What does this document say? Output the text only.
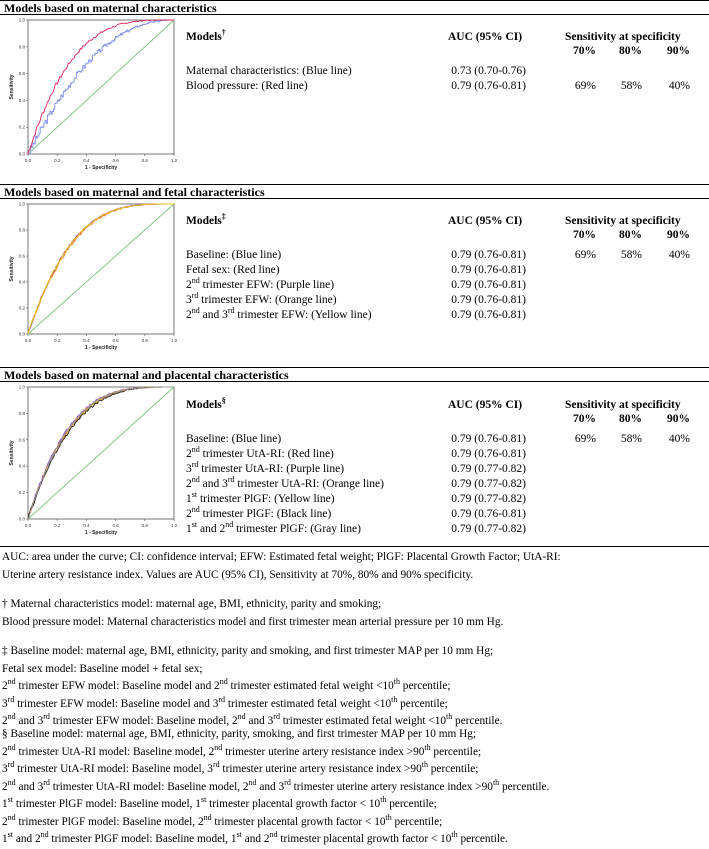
Models based on maternal characteristics
0.0
0.0
0.2
0.2
0.4
0.4
0.6
0.6
0.8
0.8
1.0
1.0
1 - Specificity
Sensitivity
Models†	AUC (95% CI)	Sensitivity at specificity
70%	80%	90%
Maternal characteristics: (Blue line)	0.73 (0.70-0.76)
Blood pressure: (Red line)	0.79 (0.76-0.81)	69%	58%	40%
Models based on maternal and fetal characteristics
0.0
0.0
0.2
0.2
0.4
0.4
0.6
0.6
0.8
0.8
1.0
1.0
1 - Specificity
Sensitivity
Models‡	AUC (95% CI)	Sensitivity at specificity
70%	80%	90%
Baseline: (Blue line)	0.79 (0.76-0.81)	69%	58%	40%
Fetal sex: (Red line)	0.79 (0.76-0.81)
2nd trimester EFW: (Purple line)	0.79 (0.76-0.81)
3rd trimester EFW: (Orange line)	0.79 (0.76-0.81)
2nd and 3rd trimester EFW: (Yellow line)	0.79 (0.76-0.81)
Models based on maternal and placental characteristics
0.0
0.0
0.2
0.2
0.4
0.4
0.6
0.6
0.8
0.8
1.0
1.0
1 - Specificity
Sensitivity
Models§	AUC (95% CI)	Sensitivity at specificity
70%	80%	90%
Baseline: (Blue line)	0.79 (0.76-0.81)	69%	58%	40%
2nd trimester UtA-RI: (Red line)	0.79 (0.76-0.81)
3rd trimester UtA-RI: (Purple line)	0.79 (0.77-0.82)
2nd and 3rd trimester UtA-RI: (Orange line)	0.79 (0.77-0.82)
1st trimester PlGF: (Yellow line)	0.79 (0.77-0.82)
2nd trimester PlGF: (Black line)	0.79 (0.76-0.81)
1st and 2nd trimester PlGF: (Gray line)	0.79 (0.77-0.82)

AUC: area under the curve; CI: confidence interval; EFW: Estimated fetal weight; PlGF: Placental Growth Factor; UtA-RI:

Uterine artery resistance index. Values are AUC (95% CI), Sensitivity at 70%, 80% and 90% specificity.

† Maternal characteristics model: maternal age, BMI, ethnicity, parity and smoking;

Blood pressure model: Maternal characteristics model and first trimester mean arterial pressure per 10 mm Hg.

‡ Baseline model: maternal age, BMI, ethnicity, parity and smoking, and first trimester MAP per 10 mm Hg;

Fetal sex model: Baseline model + fetal sex;

2nd trimester EFW model: Baseline model and 2nd trimester estimated fetal weight <10th percentile;

3rd trimester EFW model: Baseline model and 3rd trimester estimated fetal weight <10th percentile;

2nd and 3rd trimester EFW model: Baseline model, 2nd and 3rd trimester estimated fetal weight <10th percentile.

§ Baseline model: maternal age, BMI, ethnicity, parity, smoking, and first trimester MAP per 10 mm Hg;

2nd trimester UtA-RI model: Baseline model, 2nd trimester uterine artery resistance index >90th percentile;

3rd trimester UtA-RI model: Baseline model, 3rd trimester uterine artery resistance index >90th percentile;

2nd and 3rd trimester UtA-RI model: Baseline model, 2nd and 3rd trimester uterine artery resistance index >90th percentile.

1st trimester PlGF model: Baseline model, 1st trimester placental growth factor < 10th percentile;

2nd trimester PlGF model: Baseline model, 2nd trimester placental growth factor < 10th percentile;

1st and 2nd trimester PlGF model: Baseline model, 1st and 2nd trimester placental growth factor < 10th percentile.
